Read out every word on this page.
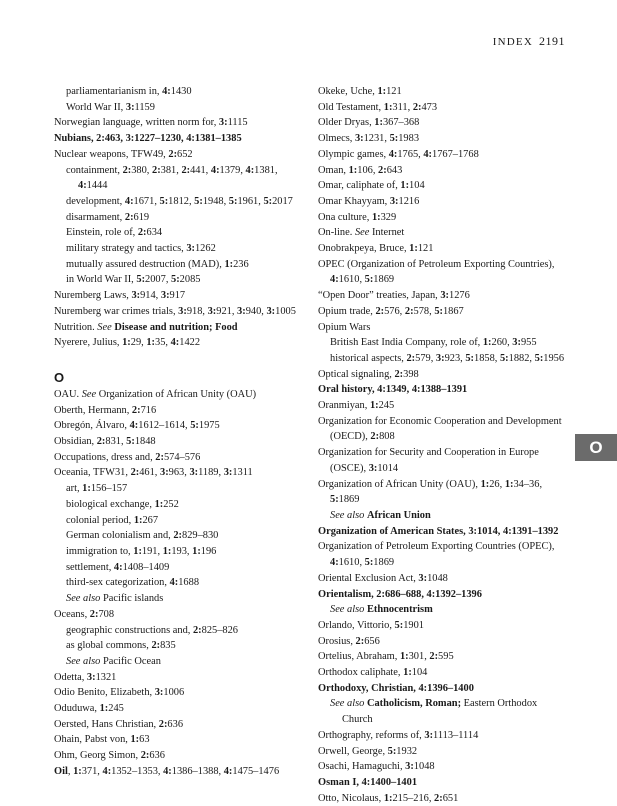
INDEX 2191
parliamentarianism in, 4:1430
World War II, 3:1159
Norwegian language, written norm for, 3:1115
Nubians, 2:463, 3:1227–1230, 4:1381–1385
Nuclear weapons, TFW49, 2:652
containment, 2:380, 2:381, 2:441, 4:1379, 4:1381, 4:1444
development, 4:1671, 5:1812, 5:1948, 5:1961, 5:2017
disarmament, 2:619
Einstein, role of, 2:634
military strategy and tactics, 3:1262
mutually assured destruction (MAD), 1:236
in World War II, 5:2007, 5:2085
Nuremberg Laws, 3:914, 3:917
Nuremberg war crimes trials, 3:918, 3:921, 3:940, 3:1005
Nutrition. See Disease and nutrition; Food
Nyerere, Julius, 1:29, 1:35, 4:1422
O
OAU. See Organization of African Unity (OAU)
Oberth, Hermann, 2:716
Obregón, Álvaro, 4:1612–1614, 5:1975
Obsidian, 2:831, 5:1848
Occupations, dress and, 2:574–576
Oceania, TFW31, 2:461, 3:963, 3:1189, 3:1311
art, 1:156–157
biological exchange, 1:252
colonial period, 1:267
German colonialism and, 2:829–830
immigration to, 1:191, 1:193, 1:196
settlement, 4:1408–1409
third-sex categorization, 4:1688
See also Pacific islands
Oceans, 2:708
geographic constructions and, 2:825–826
as global commons, 2:835
See also Pacific Ocean
Odetta, 3:1321
Odio Benito, Elizabeth, 3:1006
Oduduwa, 1:245
Oersted, Hans Christian, 2:636
Ohain, Pabst von, 1:63
Ohm, Georg Simon, 2:636
Oil, 1:371, 4:1352–1353, 4:1386–1388, 4:1475–1476
Okeke, Uche, 1:121
Old Testament, 1:311, 2:473
Older Dryas, 1:367–368
Olmecs, 3:1231, 5:1983
Olympic games, 4:1765, 4:1767–1768
Oman, 1:106, 2:643
Omar, caliphate of, 1:104
Omar Khayyam, 3:1216
Ona culture, 1:329
On-line. See Internet
Onobrakpeya, Bruce, 1:121
OPEC (Organization of Petroleum Exporting Countries), 4:1610, 5:1869
“Open Door” treaties, Japan, 3:1276
Opium trade, 2:576, 2:578, 5:1867
Opium Wars
British East India Company, role of, 1:260, 3:955
historical aspects, 2:579, 3:923, 5:1858, 5:1882, 5:1956
Optical signaling, 2:398
Oral history, 4:1349, 4:1388–1391
Oranmiyan, 1:245
Organization for Economic Cooperation and Development (OECD), 2:808
Organization for Security and Cooperation in Europe (OSCE), 3:1014
Organization of African Unity (OAU), 1:26, 1:34–36, 5:1869
See also African Union
Organization of American States, 3:1014, 4:1391–1392
Organization of Petroleum Exporting Countries (OPEC), 4:1610, 5:1869
Oriental Exclusion Act, 3:1048
Orientalism, 2:686–688, 4:1392–1396
See also Ethnocentrism
Orlando, Vittorio, 5:1901
Orosius, 2:656
Ortelius, Abraham, 1:301, 2:595
Orthodox caliphate, 1:104
Orthodoxy, Christian, 4:1396–1400
See also Catholicism, Roman; Eastern Orthodox Church
Orthography, reforms of, 3:1113–1114
Orwell, George, 5:1932
Osachi, Hamaguchi, 3:1048
Osman I, 4:1400–1401
Otto, Nicolaus, 1:215–216, 2:651
O
